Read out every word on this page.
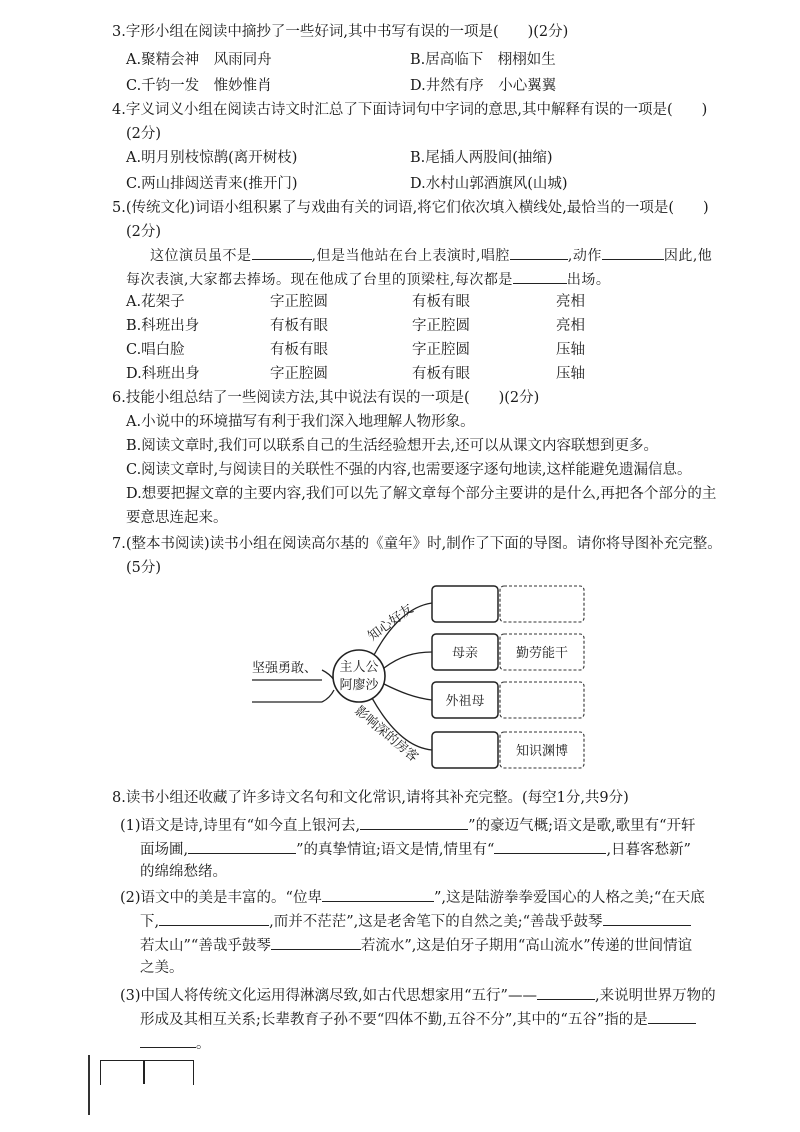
3.字形小组在阅读中摘抄了一些好词,其中书写有误的一项是(　　)(2分)
A.聚精会神　风雨同舟	B.居高临下　栩栩如生
C.千钧一发　惟妙惟肖	D.井然有序　小心翼翼
4.字义词义小组在阅读古诗文时汇总了下面诗词句中字词的意思,其中解释有误的一项是(　　)
(2分)
A.明月别枝惊鹊(离开树枝)	B.尾插人两股间(抽缩)
C.两山排闼送青来(推开门)	D.水村山郭酒旗风(山城)
5.(传统文化)词语小组积累了与戏曲有关的词语,将它们依次填入横线处,最恰当的一项是(　　)
(2分)
这位演员虽不是	,但是当他站在台上表演时,唱腔	,动作	因此,他
每次表演,大家都去捧场。现在他成了台里的顶梁柱,每次都是	出场。
A.花架子	字正腔圆	有板有眼	亮相
B.科班出身	有板有眼	字正腔圆	亮相
C.唱白脸	有板有眼	字正腔圆	压轴
D.科班出身	字正腔圆	有板有眼	压轴
6.技能小组总结了一些阅读方法,其中说法有误的一项是(　　)(2分)
A.小说中的环境描写有利于我们深入地理解人物形象。
B.阅读文章时,我们可以联系自己的生活经验想开去,还可以从课文内容联想到更多。
C.阅读文章时,与阅读目的关联性不强的内容,也需要逐字逐句地读,这样能避免遗漏信息。
D.想要把握文章的主要内容,我们可以先了解文章每个部分主要讲的是什么,再把各个部分的主
要意思连起来。
7.(整本书阅读)读书小组在阅读高尔基的《童年》时,制作了下面的导图。请你将导图补充完整。
(5分)
坚强勇敢、 主人公
阿廖沙
知心好友
影响深的房客
母亲	勤劳能干
外祖母
知识渊博
8.读书小组还收藏了许多诗文名句和文化常识,请将其补充完整。(每空1分,共9分)
(1)语文是诗,诗里有“如今直上银河去,	”的豪迈气概;语文是歌,歌里有“开轩
面场圃,	”的真挚情谊;语文是情,情里有“	,日暮客愁新”
的绵绵愁绪。
(2)语文中的美是丰富的。“位卑	”,这是陆游拳拳爱国心的人格之美;“在天底
下,	,而并不茫茫”,这是老舍笔下的自然之美;“善哉乎鼓琴
若太山”“善哉乎鼓琴	若流水”,这是伯牙子期用“高山流水”传递的世间情谊
之美。
(3)中国人将传统文化运用得淋漓尽致,如古代思想家用“五行”——	,来说明世界万物的
形成及其相互关系;长辈教育子孙不要“四体不勤,五谷不分”,其中的“五谷”指的是
。
